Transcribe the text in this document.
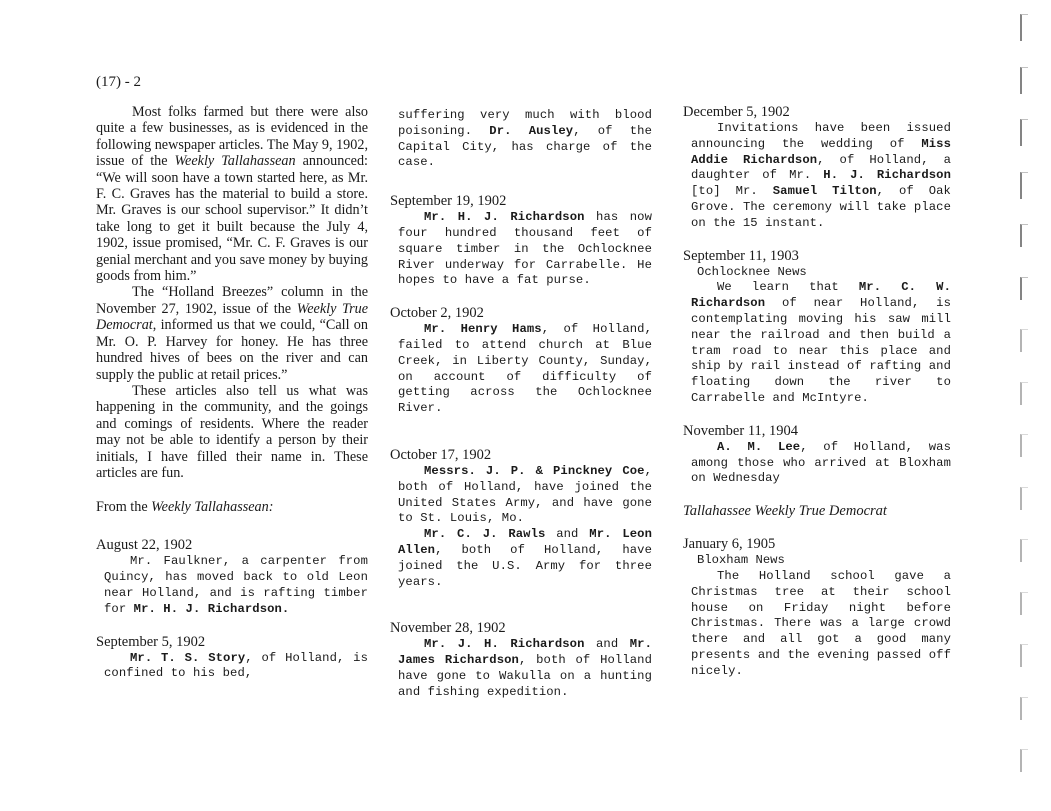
(17) - 2

Most folks farmed but there were also quite a few businesses, as is evidenced in the following newspaper articles. The May 9, 1902, issue of the Weekly Tallahassean announced: “We will soon have a town started here, as Mr. F. C. Graves has the material to build a store. Mr. Graves is our school supervisor.” It didn’t take long to get it built because the July 4, 1902, issue promised, “Mr. C. F. Graves is our genial merchant and you save money by buying goods from him.”

The “Holland Breezes” column in the November 27, 1902, issue of the Weekly True Democrat, informed us that we could, “Call on Mr. O. P. Harvey for honey. He has three hundred hives of bees on the river and can supply the public at retail prices.”

These articles also tell us what was happening in the community, and the goings and comings of residents. Where the reader may not be able to identify a person by their initials, I have filled their name in. These articles are fun.

From the Weekly Tallahassean:
August 22, 1902

Mr. Faulkner, a carpenter from Quincy, has moved back to old Leon near Holland, and is rafting timber for Mr. H. J. Richardson.

September 5, 1902

Mr. T. S. Story, of Holland, is confined to his bed,

suffering very much with blood poisoning. Dr. Ausley, of the Capital City, has charge of the case.

September 19, 1902

Mr. H. J. Richardson has now four hundred thousand feet of square timber in the Ochlocknee River underway for Carrabelle. He hopes to have a fat purse.

October 2, 1902

Mr. Henry Hams, of Holland, failed to attend church at Blue Creek, in Liberty County, Sunday, on account of difficulty of getting across the Ochlocknee River.

October 17, 1902

Messrs. J. P. & Pinckney Coe, both of Holland, have joined the United States Army, and have gone to St. Louis, Mo.

Mr. C. J. Rawls and Mr. Leon Allen, both of Holland, have joined the U.S. Army for three years.

November 28, 1902

Mr. J. H. Richardson and Mr. James Richardson, both of Holland have gone to Wakulla on a hunting and fishing expedition.

December 5, 1902

Invitations have been issued announcing the wedding of Miss Addie Richardson, of Holland, a daughter of Mr. H. J. Richardson [to] Mr. Samuel Tilton, of Oak Grove. The ceremony will take place on the 15 instant.

September 11, 1903
Ochlocknee News

We learn that Mr. C. W. Richardson of near Holland, is contemplating moving his saw mill near the railroad and then build a tram road to near this place and ship by rail instead of rafting and floating down the river to Carrabelle and McIntyre.

November 11, 1904

A. M. Lee, of Holland, was among those who arrived at Bloxham on Wednesday

Tallahassee Weekly True Democrat
January 6, 1905
Bloxham News

The Holland school gave a Christmas tree at their school house on Friday night before Christmas. There was a large crowd there and all got a good many presents and the evening passed off nicely.
